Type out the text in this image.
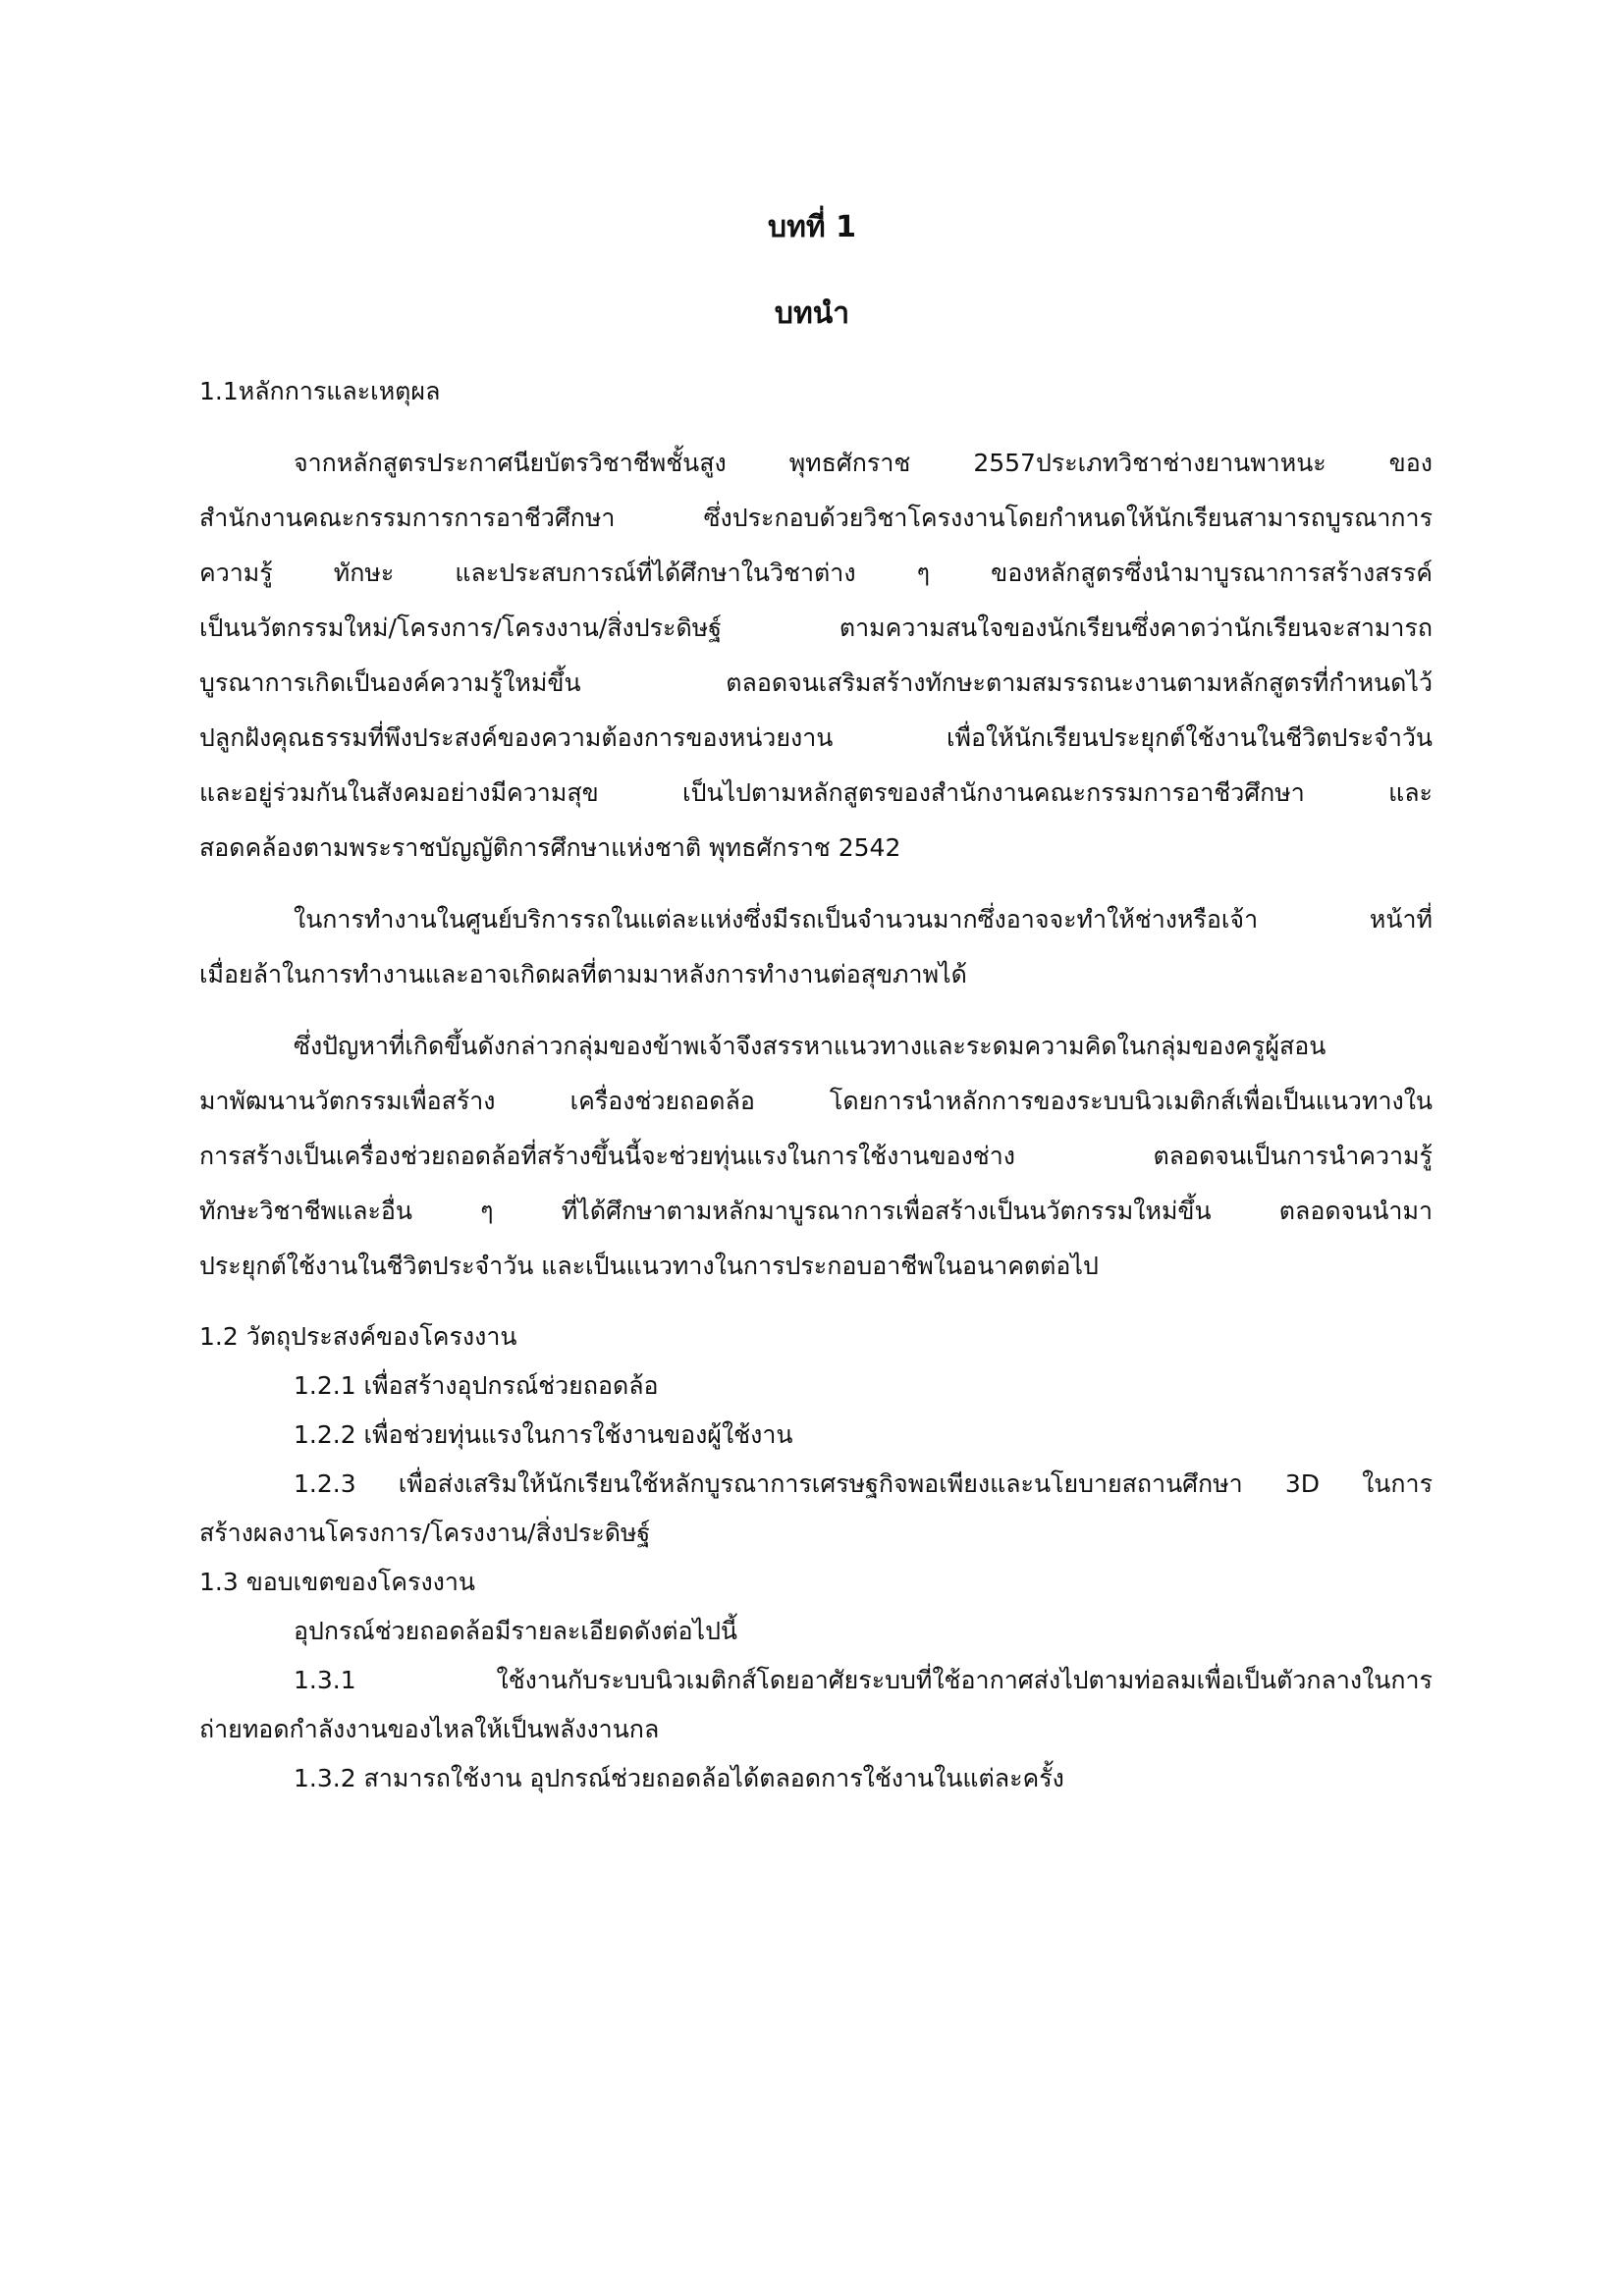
บทที่ 1
บทนำ
1.1หลักการและเหตุผล
จากหลักสูตรประกาศนียบัตรวิชาชีพชั้นสูง พุทธศักราช 2557ประเภทวิชาช่างยานพาหนะ ของ
สำนักงานคณะกรรมการการอาชีวศึกษา ซึ่งประกอบด้วยวิชาโครงงานโดยกำหนดให้นักเรียนสามารถบูรณาการ
ความรู้ ทักษะ และประสบการณ์ที่ได้ศึกษาในวิชาต่าง ๆ ของหลักสูตรซึ่งนำมาบูรณาการสร้างสรรค์
เป็นนวัตกรรมใหม่/โครงการ/โครงงาน/สิ่งประดิษฐ์ ตามความสนใจของนักเรียนซึ่งคาดว่านักเรียนจะสามารถ
บูรณาการเกิดเป็นองค์ความรู้ใหม่ขึ้น ตลอดจนเสริมสร้างทักษะตามสมรรถนะงานตามหลักสูตรที่กำหนดไว้
ปลูกฝังคุณธรรมที่พึงประสงค์ของความต้องการของหน่วยงาน เพื่อให้นักเรียนประยุกต์ใช้งานในชีวิตประจำวัน
และอยู่ร่วมกันในสังคมอย่างมีความสุข เป็นไปตามหลักสูตรของสำนักงานคณะกรรมการอาชีวศึกษา และ
สอดคล้องตามพระราชบัญญัติการศึกษาแห่งชาติ พุทธศักราช 2542
ในการทำงานในศูนย์บริการรถในแต่ละแห่งซึ่งมีรถเป็นจำนวนมากซึ่งอาจจะทำให้ช่างหรือเจ้า หน้าที่
เมื่อยล้าในการทำงานและอาจเกิดผลที่ตามมาหลังการทำงานต่อสุขภาพได้
ซึ่งปัญหาที่เกิดขึ้นดังกล่าวกลุ่มของข้าพเจ้าจึงสรรหาแนวทางและระดมความคิดในกลุ่มของครูผู้สอน
มาพัฒนานวัตกรรมเพื่อสร้าง เครื่องช่วยถอดล้อ โดยการนำหลักการของระบบนิวเมติกส์เพื่อเป็นแนวทางใน
การสร้างเป็นเครื่องช่วยถอดล้อที่สร้างขึ้นนี้จะช่วยทุ่นแรงในการใช้งานของช่าง ตลอดจนเป็นการนำความรู้
ทักษะวิชาชีพและอื่น ๆ ที่ได้ศึกษาตามหลักมาบูรณาการเพื่อสร้างเป็นนวัตกรรมใหม่ขึ้น ตลอดจนนำมา
ประยุกต์ใช้งานในชีวิตประจำวัน และเป็นแนวทางในการประกอบอาชีพในอนาคตต่อไป
1.2 วัตถุประสงค์ของโครงงาน
1.2.1 เพื่อสร้างอุปกรณ์ช่วยถอดล้อ
1.2.2 เพื่อช่วยทุ่นแรงในการใช้งานของผู้ใช้งาน
1.2.3 เพื่อส่งเสริมให้นักเรียนใช้หลักบูรณาการเศรษฐกิจพอเพียงและนโยบายสถานศึกษา 3D ในการ
สร้างผลงานโครงการ/โครงงาน/สิ่งประดิษฐ์
1.3 ขอบเขตของโครงงาน
อุปกรณ์ช่วยถอดล้อมีรายละเอียดดังต่อไปนี้
1.3.1 ใช้งานกับระบบนิวเมติกส์โดยอาศัยระบบที่ใช้อากาศส่งไปตามท่อลมเพื่อเป็นตัวกลางในการ
ถ่ายทอดกำลังงานของไหลให้เป็นพลังงานกล
1.3.2 สามารถใช้งาน อุปกรณ์ช่วยถอดล้อได้ตลอดการใช้งานในแต่ละครั้ง
